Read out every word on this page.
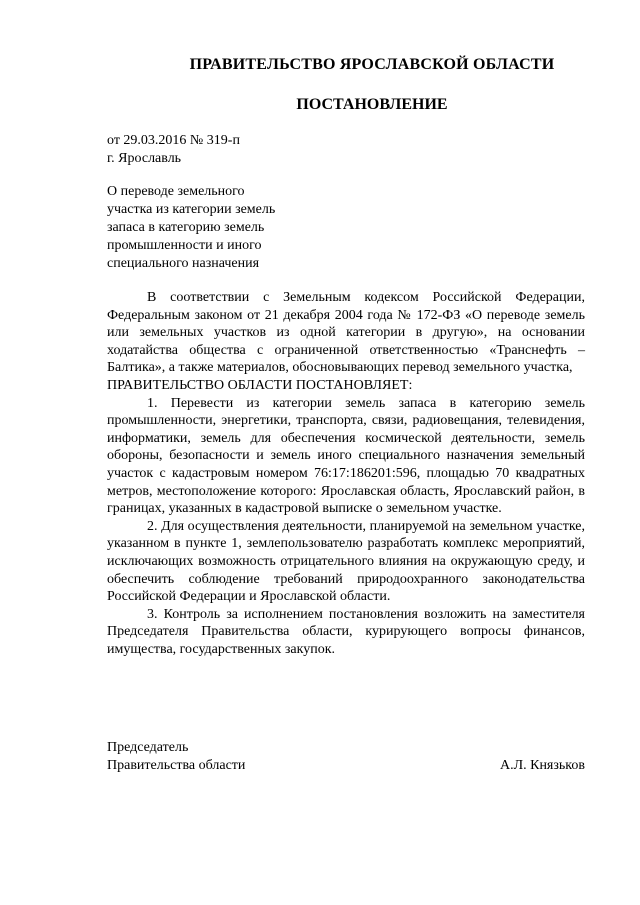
ПРАВИТЕЛЬСТВО ЯРОСЛАВСКОЙ ОБЛАСТИ
ПОСТАНОВЛЕНИЕ
от 29.03.2016 № 319-п
г. Ярославль
О переводе земельного
участка из категории земель
запаса в категорию земель
промышленности и иного
специального назначения

В соответствии с Земельным кодексом Российской Федерации, Федеральным законом от 21 декабря 2004 года № 172-ФЗ «О переводе земель или земельных участков из одной категории в другую», на основании ходатайства общества с ограниченной ответственностью «Транснефть – Балтика», а также материалов, обосновывающих перевод земельного участка,

ПРАВИТЕЛЬСТВО ОБЛАСТИ ПОСТАНОВЛЯЕТ:

1. Перевести из категории земель запаса в категорию земель промышленности, энергетики, транспорта, связи, радиовещания, телевидения, информатики, земель для обеспечения космической деятельности, земель обороны, безопасности и земель иного специального назначения земельный участок с кадастровым номером 76:17:186201:596, площадью 70 квадратных метров, местоположение которого: Ярославская область, Ярославский район, в границах, указанных в кадастровой выписке о земельном участке.

2. Для осуществления деятельности, планируемой на земельном участке, указанном в пункте 1, землепользователю разработать комплекс мероприятий, исключающих возможность отрицательного влияния на окружающую среду, и обеспечить соблюдение требований природоохранного законодательства Российской Федерации и Ярославской области.

3. Контроль за исполнением постановления возложить на заместителя Председателя Правительства области, курирующего вопросы финансов, имущества, государственных закупок.

Председатель
Правительства области	А.Л. Князьков
